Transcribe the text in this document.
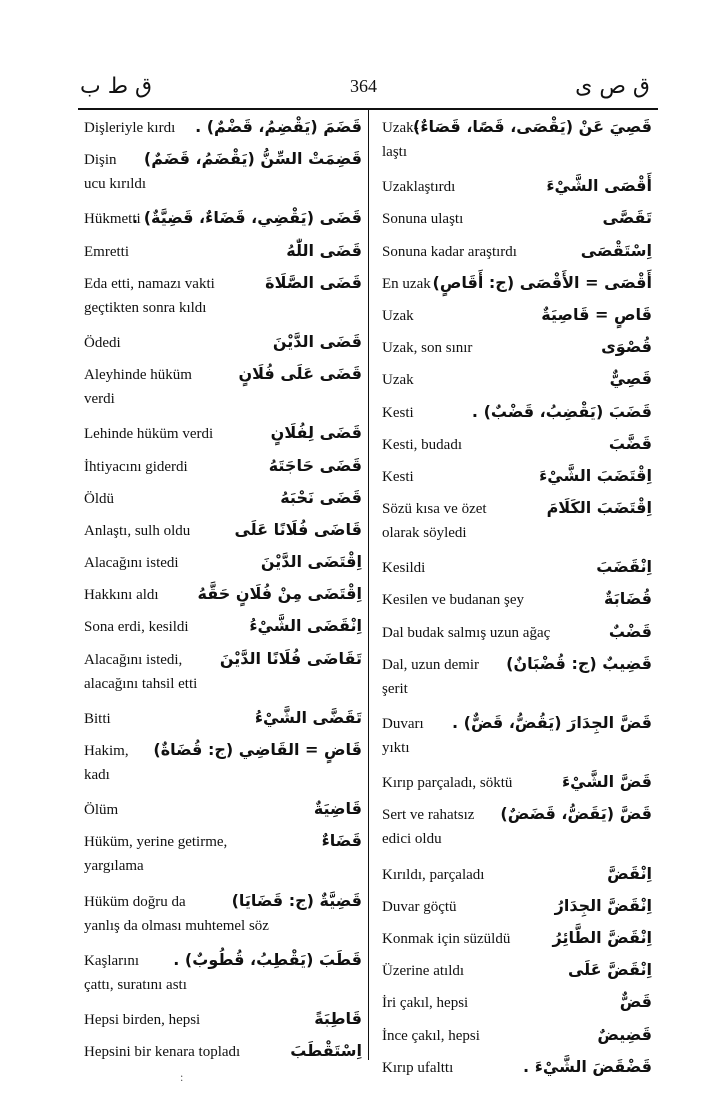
ق ط ب	364	ق ص ى
Dişleriyle kırdı	قَضَمَ (يَقْضِمُ، قَضْمٌ) .
Dişin
ucu kırıldı
قَضِمَتْ السِّنُّ (يَقْضَمُ، قَضَمٌ)
Hükmetti
قَضَى (يَقْضِي، قَضَاءٌ، قَضِيَّةٌ) .
Emretti	قَضَى اللّٰهُ
Eda etti, namazı vakti
geçtikten sonra kıldı
قَضَى الصَّلَاةَ
Ödedi	قَضَى الدَّيْنَ
Aleyhinde hüküm
verdi
قَضَى عَلَى فُلَانٍ
Lehinde hüküm verdi	قَضَى لِفُلَانٍ
İhtiyacını giderdi	قَضَى حَاجَتَهُ
Öldü	قَضَى نَحْبَهُ
Anlaştı, sulh oldu	قَاضَى فُلَانًا عَلَى
Alacağını istedi	اِقْتَضَى الدَّيْنَ
Hakkını aldı	اِقْتَضَى مِنْ فُلَانٍ حَقَّهُ
Sona erdi, kesildi	اِنْقَضَى الشَّيْءُ
Alacağını istedi,
alacağını tahsil etti
تَقَاضَى فُلَانًا الدَّيْنَ
Bitti	تَقَضَّى الشَّيْءُ
Hakim,
kadı
قَاضٍ = القَاضِي (ج: قُضَاةٌ)
Ölüm	قَاضِيَةٌ
Hüküm, yerine getirme,
yargılama
قَضَاءٌ
Hüküm doğru da
yanlış da olması muhtemel söz
قَضِيَّةٌ (ج: قَضَايَا)
Kaşlarını
çattı, suratını astı
قَطَبَ (يَقْطِبُ، قُطُوبٌ) .
Hepsi birden, hepsi	قَاطِبَةً
Hepsini bir kenara topladı	اِسْتَقْطَبَ
Uzak-
laştı
قَصِيَ عَنْ (يَقْصَى، قَصًا، قَصَاءٌ)
Uzaklaştırdı	أَقْصَى الشَّيْءَ
Sonuna ulaştı	تَقَصَّى
Sonuna kadar araştırdı	اِسْتَقْصَى
En uzak أَقْصَى = الأَقْصَى (ج: أَقَاصٍ)
Uzak	قَاصٍ = قَاصِيَةٌ
Uzak, son sınır	قُصْوَى
Uzak	قَصِيٌّ
Kesti	قَضَبَ (يَقْضِبُ، قَضْبٌ) .
Kesti, budadı	قَضَّبَ
Kesti	اِقْتَضَبَ الشَّيْءَ
Sözü kısa ve özet
olarak söyledi
اِقْتَضَبَ الكَلَامَ
Kesildi	اِنْقَضَبَ
Kesilen ve budanan şey	قُضَابَةٌ
Dal budak salmış uzun ağaç	قَضْبٌ
Dal, uzun demir
şerit
قَضِيبٌ (ج: قُضْبَانٌ)
Duvarı
yıktı
قَضَّ الجِدَارَ (يَقُضُّ، قَضٌّ) .
Kırıp parçaladı, söktü	قَضَّ الشَّيْءَ
Sert ve rahatsız
edici oldu
قَضَّ (يَقَضُّ، قَضَضٌ)
Kırıldı, parçaladı	اِنْقَضَّ
Duvar göçtü	اِنْقَضَّ الجِدَارُ
Konmak için süzüldü	اِنْقَضَّ الطَّائِرُ
Üzerine atıldı	اِنْقَضَّ عَلَى
İri çakıl, hepsi	قَضٌّ
İnce çakıl, hepsi	قَضِيضٌ
Kırıp ufalttı	قَضْقَضَ الشَّيْءَ .
:
